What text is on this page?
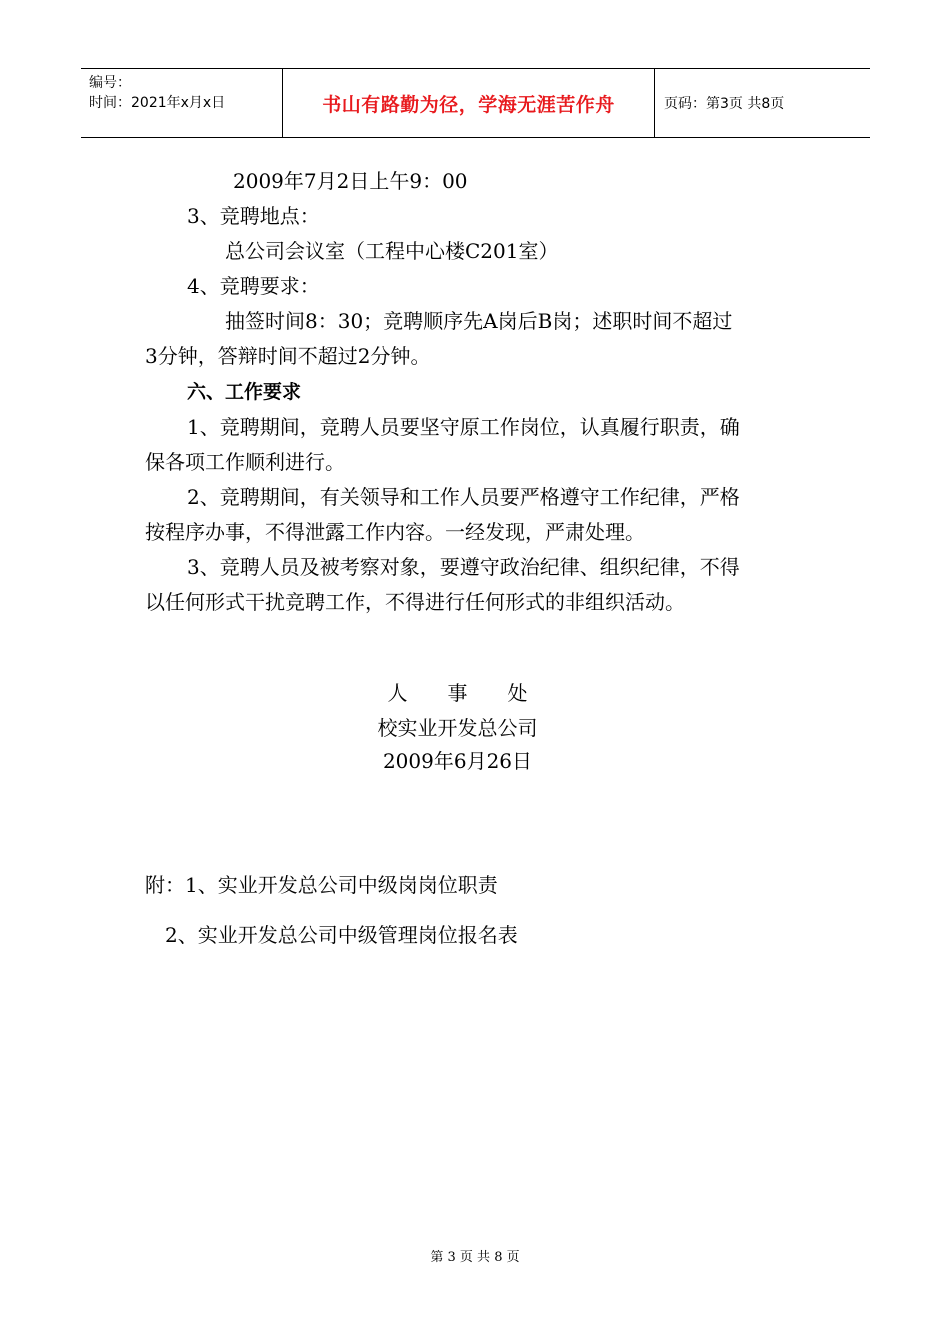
编号：
时间：2021年x月x日	书山有路勤为径，学海无涯苦作舟	页码：第3页 共8页
2009年7月2日上午9：00
3、竞聘地点：
总公司会议室（工程中心楼C201室）
4、竞聘要求：
抽签时间8：30；竞聘顺序先A岗后B岗；述职时间不超过
3分钟，答辩时间不超过2分钟。
六、工作要求
1、竞聘期间，竞聘人员要坚守原工作岗位，认真履行职责，确
保各项工作顺利进行。
2、竞聘期间，有关领导和工作人员要严格遵守工作纪律，严格
按程序办事，不得泄露工作内容。一经发现，严肃处理。
3、竞聘人员及被考察对象，要遵守政治纪律、组织纪律，不得
以任何形式干扰竞聘工作，不得进行任何形式的非组织活动。
人　　事　　处
校实业开发总公司
2009年6月26日
附：1、实业开发总公司中级岗岗位职责
2、实业开发总公司中级管理岗位报名表
第 3 页 共 8 页
